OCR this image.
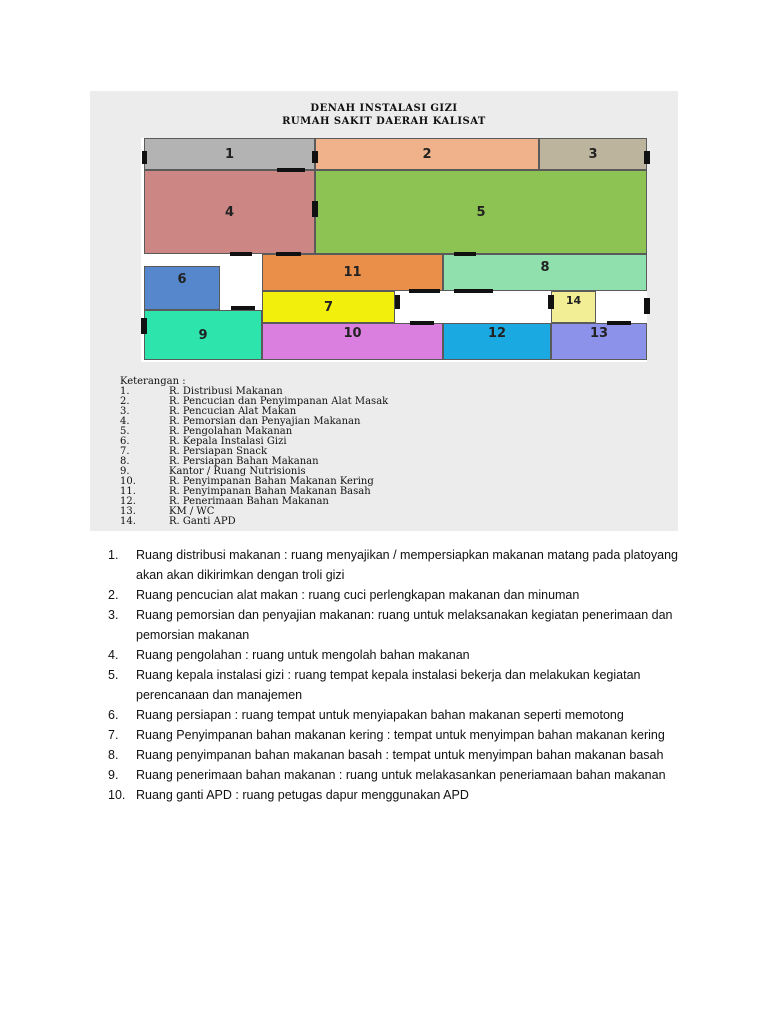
DENAH INSTALASI GIZI
RUMAH SAKIT DAERAH KALISAT
1	2	3
4	5
6	11	8
7	14
9	10	12	13
Keterangan :
1.	R. Distribusi Makanan
2.	R. Pencucian dan Penyimpanan Alat Masak
3.	R. Pencucian Alat Makan
4.	R. Pemorsian dan Penyajian Makanan
5.	R. Pengolahan Makanan
6.	R. Kepala Instalasi Gizi
7.	R. Persiapan Snack
8.	R. Persiapan Bahan Makanan
9.	Kantor / Ruang Nutrisionis
10.	R. Penyimpanan Bahan Makanan Kering
11.	R. Penyimpanan Bahan Makanan Basah
12.	R. Penerimaan Bahan Makanan
13.	KM / WC
14.	R. Ganti APD
1. Ruang distribusi makanan : ruang menyajikan / mempersiapkan makanan matang pada platoyang akan akan dikirimkan dengan troli gizi
2. Ruang pencucian alat makan : ruang cuci perlengkapan makanan dan minuman
3. Ruang pemorsian dan penyajian makanan: ruang untuk melaksanakan kegiatan penerimaan dan pemorsian makanan
4. Ruang pengolahan : ruang untuk mengolah bahan makanan
5. Ruang kepala instalasi gizi : ruang tempat kepala instalasi bekerja dan melakukan kegiatan perencanaan dan manajemen
6. Ruang persiapan : ruang tempat untuk menyiapakan bahan makanan seperti memotong
7. Ruang Penyimpanan bahan makanan kering : tempat untuk menyimpan bahan makanan kering
8. Ruang penyimpanan bahan makanan basah : tempat untuk menyimpan bahan makanan basah
9. Ruang penerimaan bahan makanan : ruang untuk melakasankan peneriamaan bahan makanan
10. Ruang ganti APD : ruang petugas dapur menggunakan APD
